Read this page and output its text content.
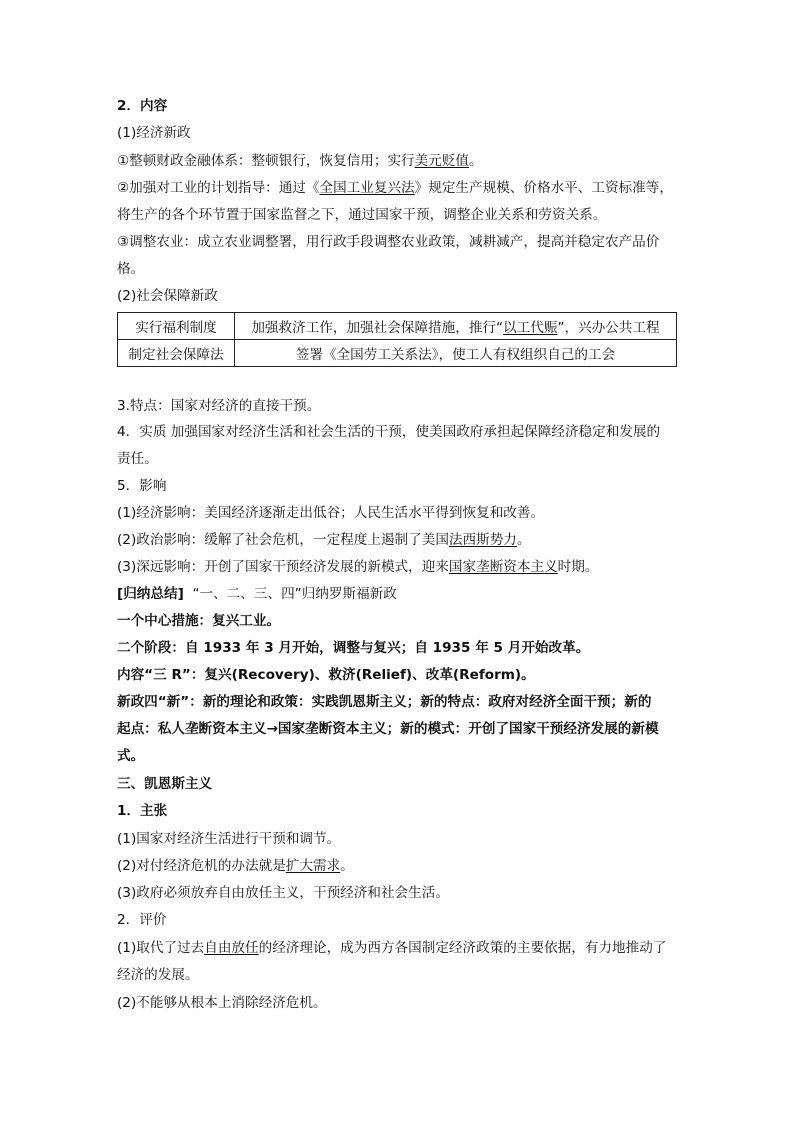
2．内容
(1)经济新政
①整顿财政金融体系：整顿银行，恢复信用；实行美元贬值。
②加强对工业的计划指导：通过《全国工业复兴法》规定生产规模、价格水平、工资标准等，
将生产的各个环节置于国家监督之下，通过国家干预，调整企业关系和劳资关系。
③调整农业：成立农业调整署，用行政手段调整农业政策，减耕减产，提高并稳定农产品价
格。
(2)社会保障新政
实行福利制度	加强救济工作，加强社会保障措施，推行“以工代赈”，兴办公共工程
制定社会保障法	签署《全国劳工关系法》，使工人有权组织自己的工会
3.特点：国家对经济的直接干预。
4．实质 加强国家对经济生活和社会生活的干预，使美国政府承担起保障经济稳定和发展的
责任。
5．影响
(1)经济影响：美国经济逐渐走出低谷；人民生活水平得到恢复和改善。
(2)政治影响：缓解了社会危机，一定程度上遏制了美国法西斯势力。
(3)深远影响：开创了国家干预经济发展的新模式，迎来国家垄断资本主义时期。
[归纳总结] “一、二、三、四”归纳罗斯福新政
一个中心措施：复兴工业。
二个阶段：自 1933 年 3 月开始，调整与复兴；自 1935 年 5 月开始改革。
内容“三 R”：复兴(Recovery)、救济(Relief)、改革(Reform)。
新政四“新”：新的理论和政策：实践凯恩斯主义；新的特点：政府对经济全面干预；新的
起点：私人垄断资本主义→国家垄断资本主义；新的模式：开创了国家干预经济发展的新模
式。
三、凯恩斯主义
1．主张
(1)国家对经济生活进行干预和调节。
(2)对付经济危机的办法就是扩大需求。
(3)政府必须放弃自由放任主义，干预经济和社会生活。
2．评价
(1)取代了过去自由放任的经济理论，成为西方各国制定经济政策的主要依据，有力地推动了
经济的发展。
(2)不能够从根本上消除经济危机。
